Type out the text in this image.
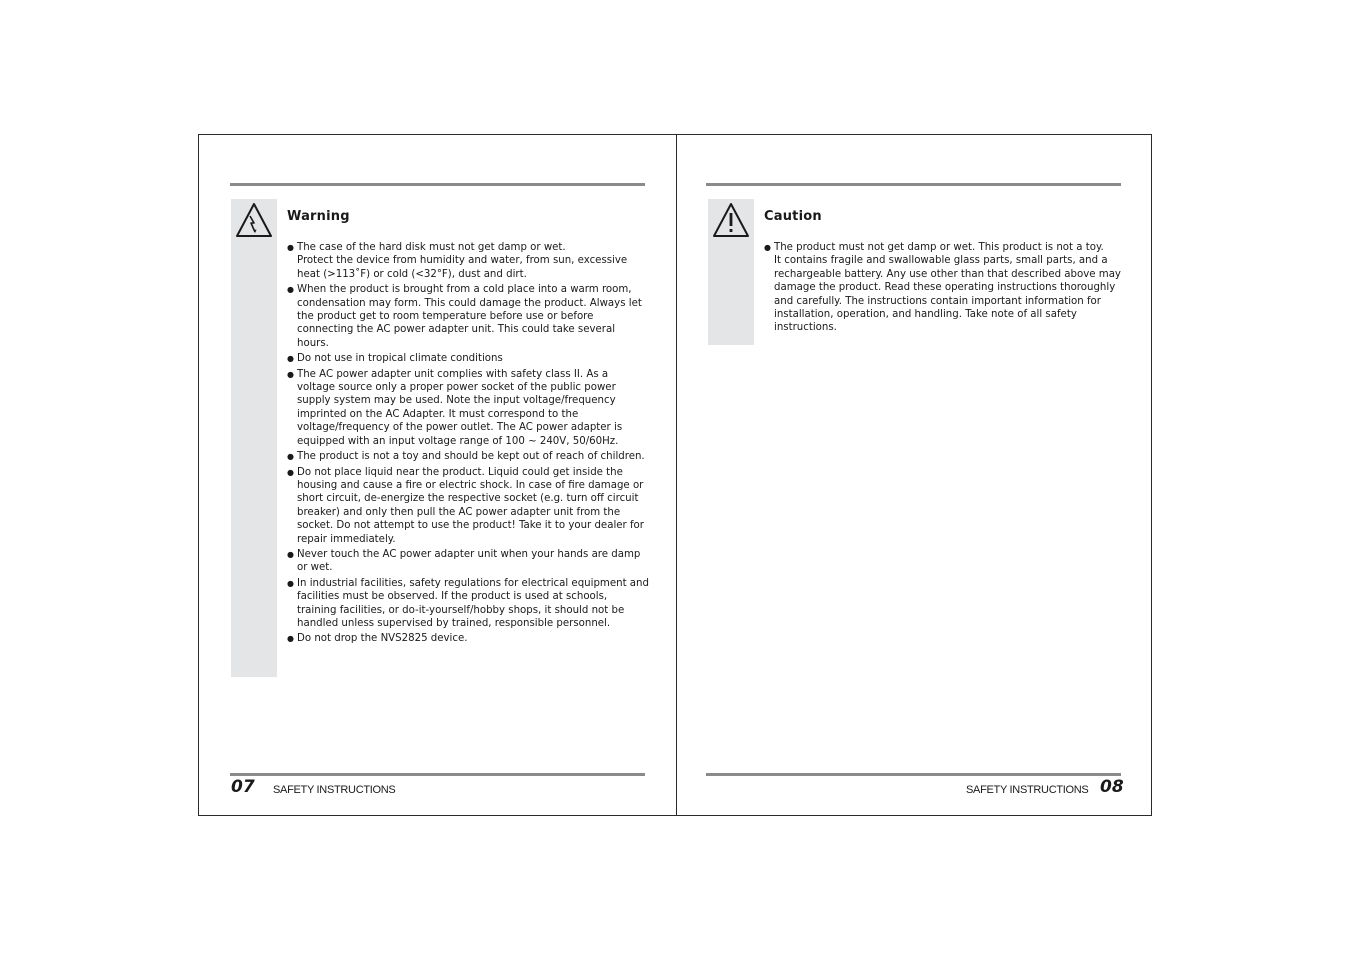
Warning
● The case of the hard disk must not get damp or wet.
Protect the device from humidity and water, from sun, excessive heat (>113˚F) or cold (<32°F), dust and dirt.
● When the product is brought from a cold place into a warm room, condensation may form. This could damage the product. Always let the product get to room temperature before use or before connecting the AC power adapter unit. This could take several hours.
● Do not use in tropical climate conditions
● The AC power adapter unit complies with safety class II. As a voltage source only a proper power socket of the public power supply system may be used. Note the input voltage/frequency imprinted on the AC Adapter. It must correspond to the voltage/frequency of the power outlet. The AC power adapter is equipped with an input voltage range of 100 ~ 240V, 50/60Hz.
● The product is not a toy and should be kept out of reach of children.
● Do not place liquid near the product. Liquid could get inside the housing and cause a fire or electric shock. In case of fire damage or short circuit, de-energize the respective socket (e.g. turn off circuit breaker) and only then pull the AC power adapter unit from the socket. Do not attempt to use the product! Take it to your dealer for repair immediately.
● Never touch the AC power adapter unit when your hands are damp or wet.
● In industrial facilities, safety regulations for electrical equipment and facilities must be observed. If the product is used at schools, training facilities, or do-it-yourself/hobby shops, it should not be handled unless supervised by trained, responsible personnel.
● Do not drop the NVS2825 device.
07 SAFETY INSTRUCTIONS
Caution
● The product must not get damp or wet. This product is not a toy.
It contains fragile and swallowable glass parts, small parts, and a rechargeable battery. Any use other than that described above may damage the product. Read these operating instructions thoroughly and carefully. The instructions contain important information for installation, operation, and handling. Take note of all safety instructions.
SAFETY INSTRUCTIONS 08
